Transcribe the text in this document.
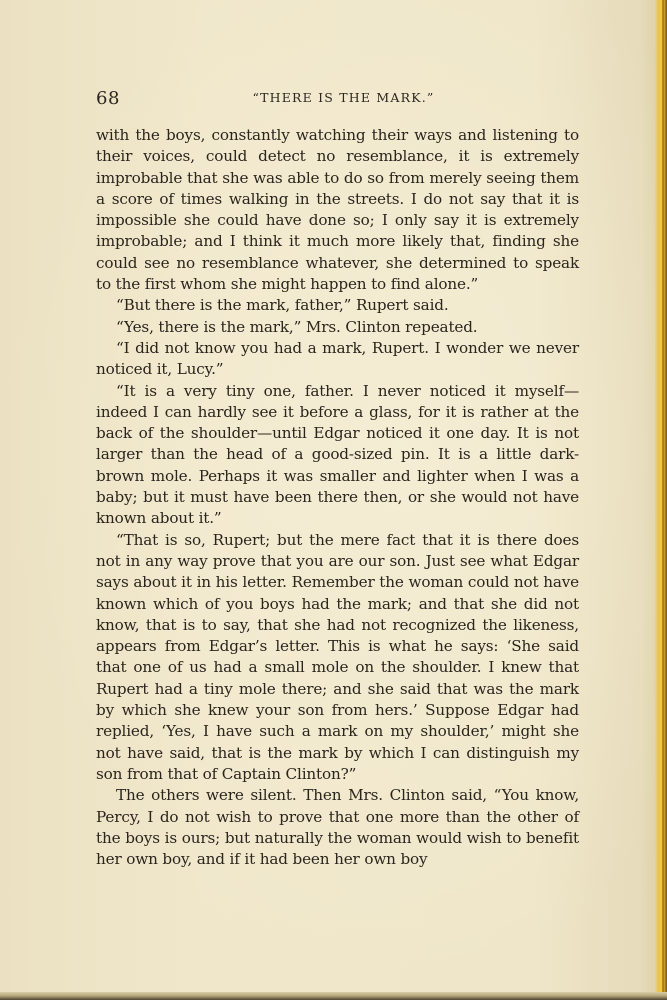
68	“THERE IS THE MARK.”

with the boys, constantly watching their ways and listening to their voices, could detect no resemblance, it is extremely improbable that she was able to do so from merely seeing them a score of times walking in the streets. I do not say that it is impossible she could have done so; I only say it is extremely improbable; and I think it much more likely that, finding she could see no resemblance whatever, she determined to speak to the first whom she might happen to find alone.”

“But there is the mark, father,” Rupert said.

“Yes, there is the mark,” Mrs. Clinton repeated.

“I did not know you had a mark, Rupert. I wonder we never noticed it, Lucy.”

“It is a very tiny one, father. I never noticed it myself—indeed I can hardly see it before a glass, for it is rather at the back of the shoulder—until Edgar noticed it one day. It is not larger than the head of a good-sized pin. It is a little dark-brown mole. Perhaps it was smaller and lighter when I was a baby; but it must have been there then, or she would not have known about it.”

“That is so, Rupert; but the mere fact that it is there does not in any way prove that you are our son. Just see what Edgar says about it in his letter. Remember the woman could not have known which of you boys had the mark; and that she did not know, that is to say, that she had not recognized the likeness, appears from Edgar’s letter. This is what he says: ‘She said that one of us had a small mole on the shoulder. I knew that Rupert had a tiny mole there; and she said that was the mark by which she knew your son from hers.’ Suppose Edgar had replied, ‘Yes, I have such a mark on my shoulder,’ might she not have said, that is the mark by which I can distinguish my son from that of Captain Clinton?”

The others were silent. Then Mrs. Clinton said, “You know, Percy, I do not wish to prove that one more than the other of the boys is ours; but naturally the woman would wish to benefit her own boy, and if it had been her own boy
